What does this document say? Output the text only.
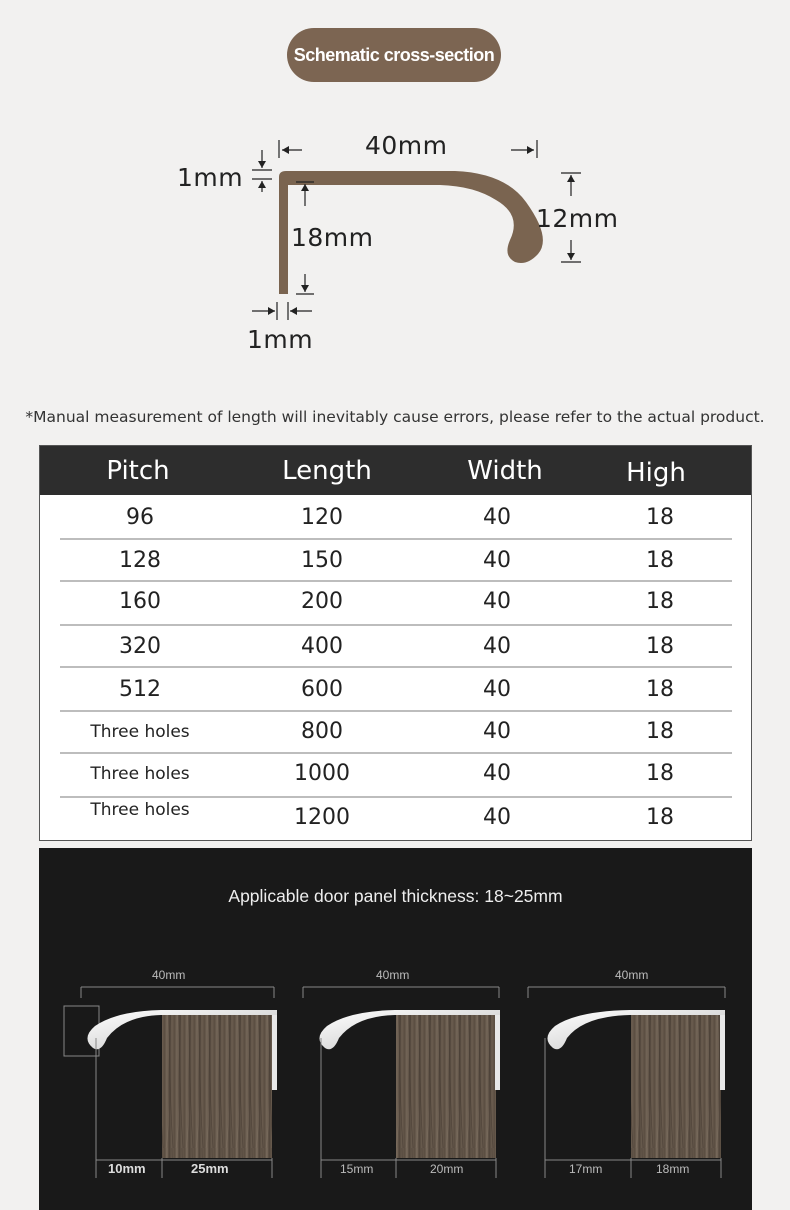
Schematic cross-section
40mm
1mm
18mm
12mm
1mm
*Manual measurement of length will inevitably cause errors, please refer to the actual product.
Pitch	Length	Width	High
96	120	40	18
128	150	40	18
160	200	40	18
320	400	40	18
512	600	40	18
Three holes	800	40	18
Three holes	1000	40	18
Three holes	1200	40	18
Applicable door panel thickness: 18~25mm
40mm
10mm	25mm
40mm
15mm	20mm
40mm
17mm	18mm
